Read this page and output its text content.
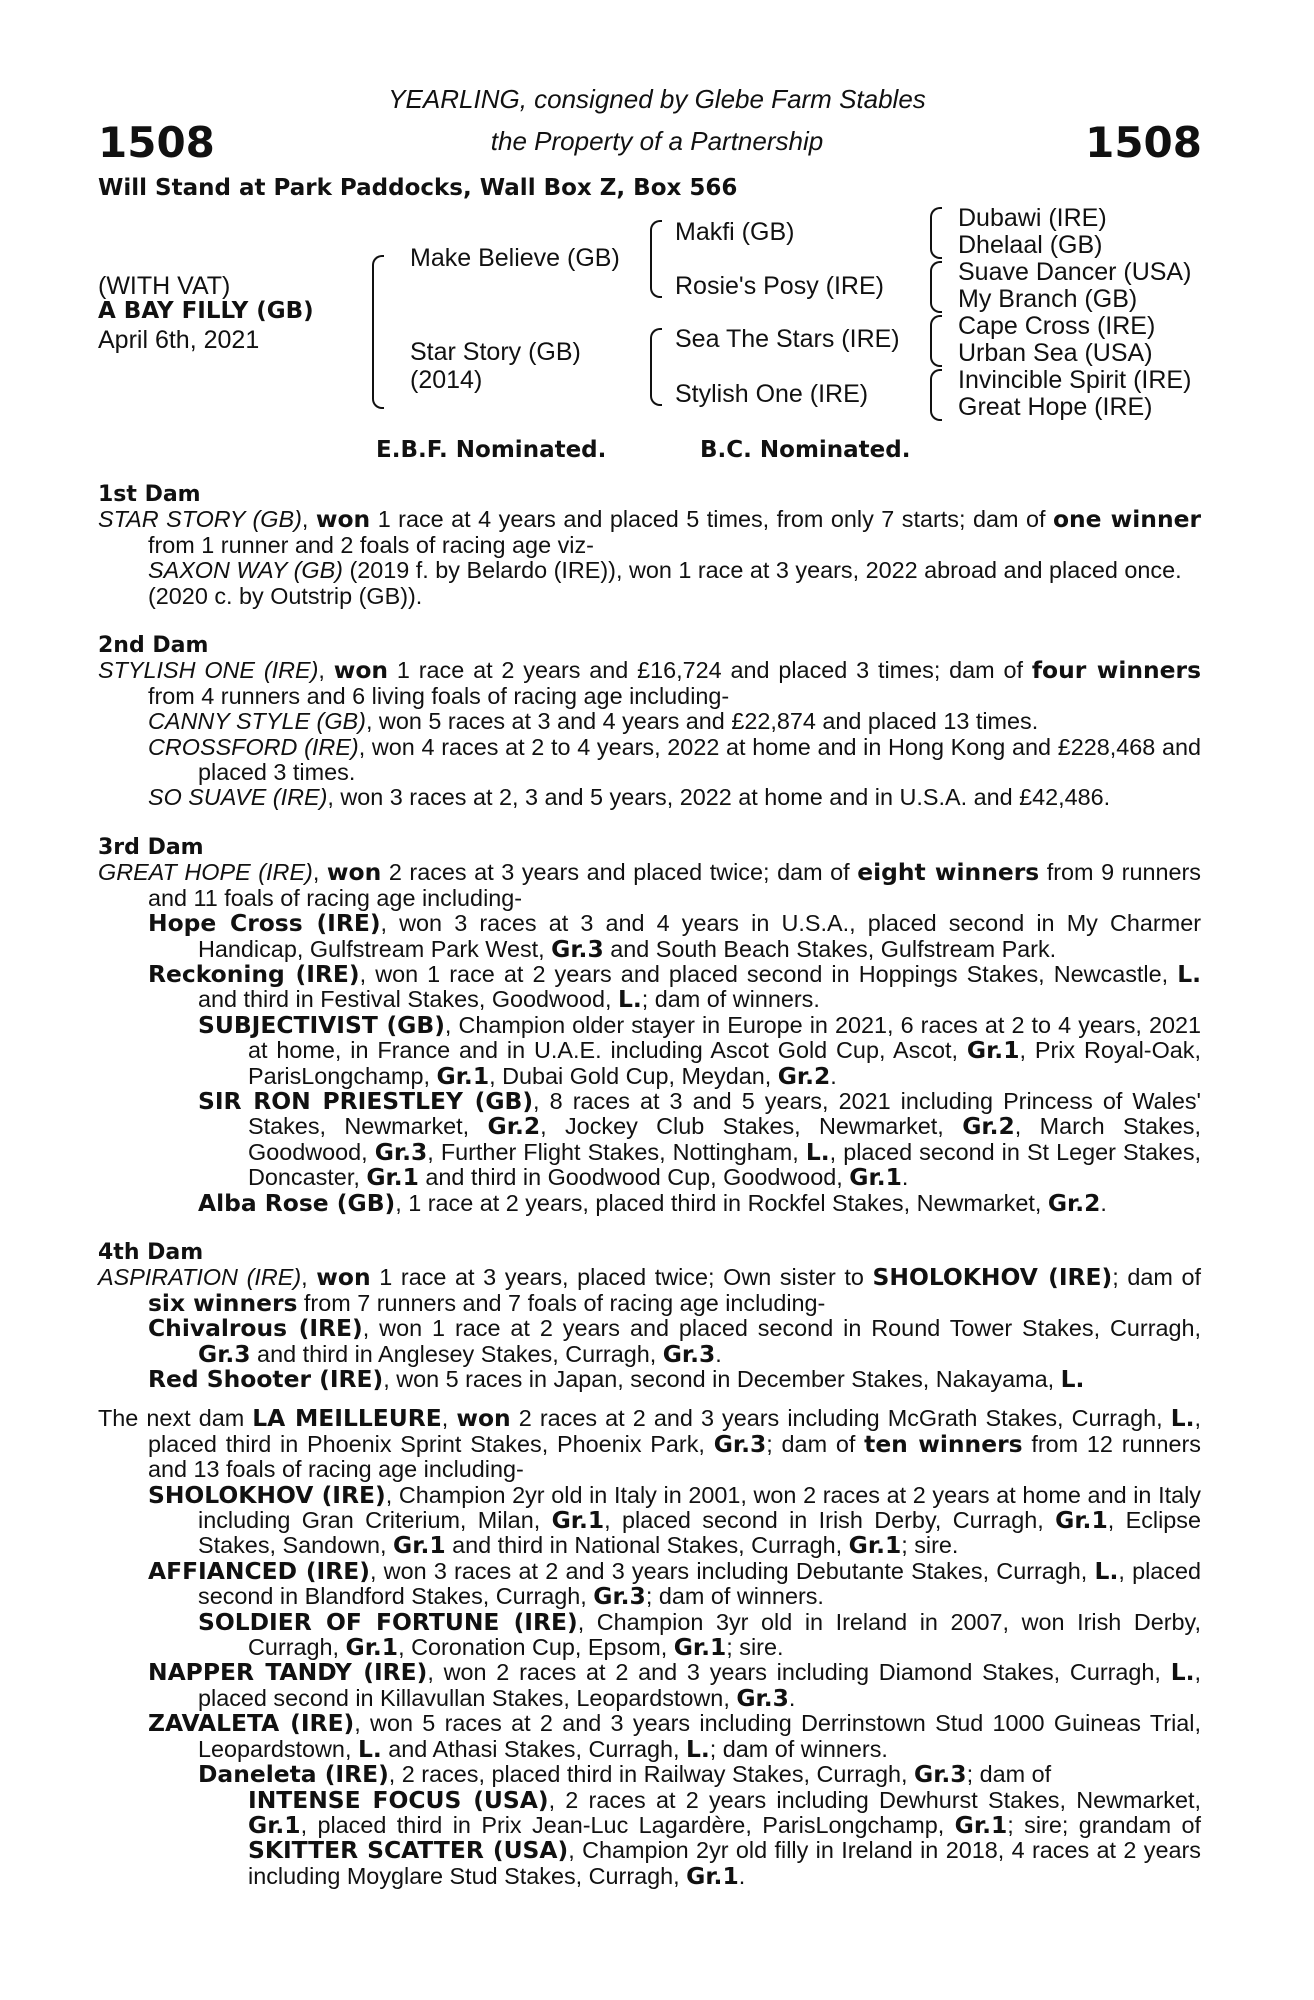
1508	1508
YEARLING, consigned by Glebe Farm Stables
the Property of a Partnership
Will Stand at Park Paddocks, Wall Box Z, Box 566
(WITH VAT)
A BAY FILLY (GB)
April 6th, 2021
Make Believe (GB)
Star Story (GB)
(2014)
Makfi (GB)
Rosie's Posy (IRE)
Sea The Stars (IRE)
Stylish One (IRE)
Dubawi (IRE)
Dhelaal (GB)
Suave Dancer (USA)
My Branch (GB)
Cape Cross (IRE)
Urban Sea (USA)
Invincible Spirit (IRE)
Great Hope (IRE)
E.B.F. Nominated.	B.C. Nominated.
1st Dam
STAR STORY (GB), won 1 race at 4 years and placed 5 times, from only 7 starts; dam of one winner from 1 runner and 2 foals of racing age viz-
SAXON WAY (GB) (2019 f. by Belardo (IRE)), won 1 race at 3 years, 2022 abroad and placed once.
(2020 c. by Outstrip (GB)).
2nd Dam
STYLISH ONE (IRE), won 1 race at 2 years and £16,724 and placed 3 times; dam of four winners from 4 runners and 6 living foals of racing age including-
CANNY STYLE (GB), won 5 races at 3 and 4 years and £22,874 and placed 13 times.
CROSSFORD (IRE), won 4 races at 2 to 4 years, 2022 at home and in Hong Kong and £228,468 and placed 3 times.
SO SUAVE (IRE), won 3 races at 2, 3 and 5 years, 2022 at home and in U.S.A. and £42,486.
3rd Dam
GREAT HOPE (IRE), won 2 races at 3 years and placed twice; dam of eight winners from 9 runners and 11 foals of racing age including-
Hope Cross (IRE), won 3 races at 3 and 4 years in U.S.A., placed second in My Charmer Handicap, Gulfstream Park West, Gr.3 and South Beach Stakes, Gulfstream Park.
Reckoning (IRE), won 1 race at 2 years and placed second in Hoppings Stakes, Newcastle, L. and third in Festival Stakes, Goodwood, L.; dam of winners.
SUBJECTIVIST (GB), Champion older stayer in Europe in 2021, 6 races at 2 to 4 years, 2021 at home, in France and in U.A.E. including Ascot Gold Cup, Ascot, Gr.1, Prix Royal-Oak, ParisLongchamp, Gr.1, Dubai Gold Cup, Meydan, Gr.2.
SIR RON PRIESTLEY (GB), 8 races at 3 and 5 years, 2021 including Princess of Wales' Stakes, Newmarket, Gr.2, Jockey Club Stakes, Newmarket, Gr.2, March Stakes, Goodwood, Gr.3, Further Flight Stakes, Nottingham, L., placed second in St Leger Stakes, Doncaster, Gr.1 and third in Goodwood Cup, Goodwood, Gr.1.
Alba Rose (GB), 1 race at 2 years, placed third in Rockfel Stakes, Newmarket, Gr.2.
4th Dam
ASPIRATION (IRE), won 1 race at 3 years, placed twice; Own sister to SHOLOKHOV (IRE); dam of six winners from 7 runners and 7 foals of racing age including-
Chivalrous (IRE), won 1 race at 2 years and placed second in Round Tower Stakes, Curragh, Gr.3 and third in Anglesey Stakes, Curragh, Gr.3.
Red Shooter (IRE), won 5 races in Japan, second in December Stakes, Nakayama, L.
The next dam LA MEILLEURE, won 2 races at 2 and 3 years including McGrath Stakes, Curragh, L., placed third in Phoenix Sprint Stakes, Phoenix Park, Gr.3; dam of ten winners from 12 runners and 13 foals of racing age including-
SHOLOKHOV (IRE), Champion 2yr old in Italy in 2001, won 2 races at 2 years at home and in Italy including Gran Criterium, Milan, Gr.1, placed second in Irish Derby, Curragh, Gr.1, Eclipse Stakes, Sandown, Gr.1 and third in National Stakes, Curragh, Gr.1; sire.
AFFIANCED (IRE), won 3 races at 2 and 3 years including Debutante Stakes, Curragh, L., placed second in Blandford Stakes, Curragh, Gr.3; dam of winners.
SOLDIER OF FORTUNE (IRE), Champion 3yr old in Ireland in 2007, won Irish Derby, Curragh, Gr.1, Coronation Cup, Epsom, Gr.1; sire.
NAPPER TANDY (IRE), won 2 races at 2 and 3 years including Diamond Stakes, Curragh, L., placed second in Killavullan Stakes, Leopardstown, Gr.3.
ZAVALETA (IRE), won 5 races at 2 and 3 years including Derrinstown Stud 1000 Guineas Trial, Leopardstown, L. and Athasi Stakes, Curragh, L.; dam of winners.
Daneleta (IRE), 2 races, placed third in Railway Stakes, Curragh, Gr.3; dam of
INTENSE FOCUS (USA), 2 races at 2 years including Dewhurst Stakes, Newmarket, Gr.1, placed third in Prix Jean-Luc Lagardère, ParisLongchamp, Gr.1; sire; grandam of SKITTER SCATTER (USA), Champion 2yr old filly in Ireland in 2018, 4 races at 2 years including Moyglare Stud Stakes, Curragh, Gr.1.
